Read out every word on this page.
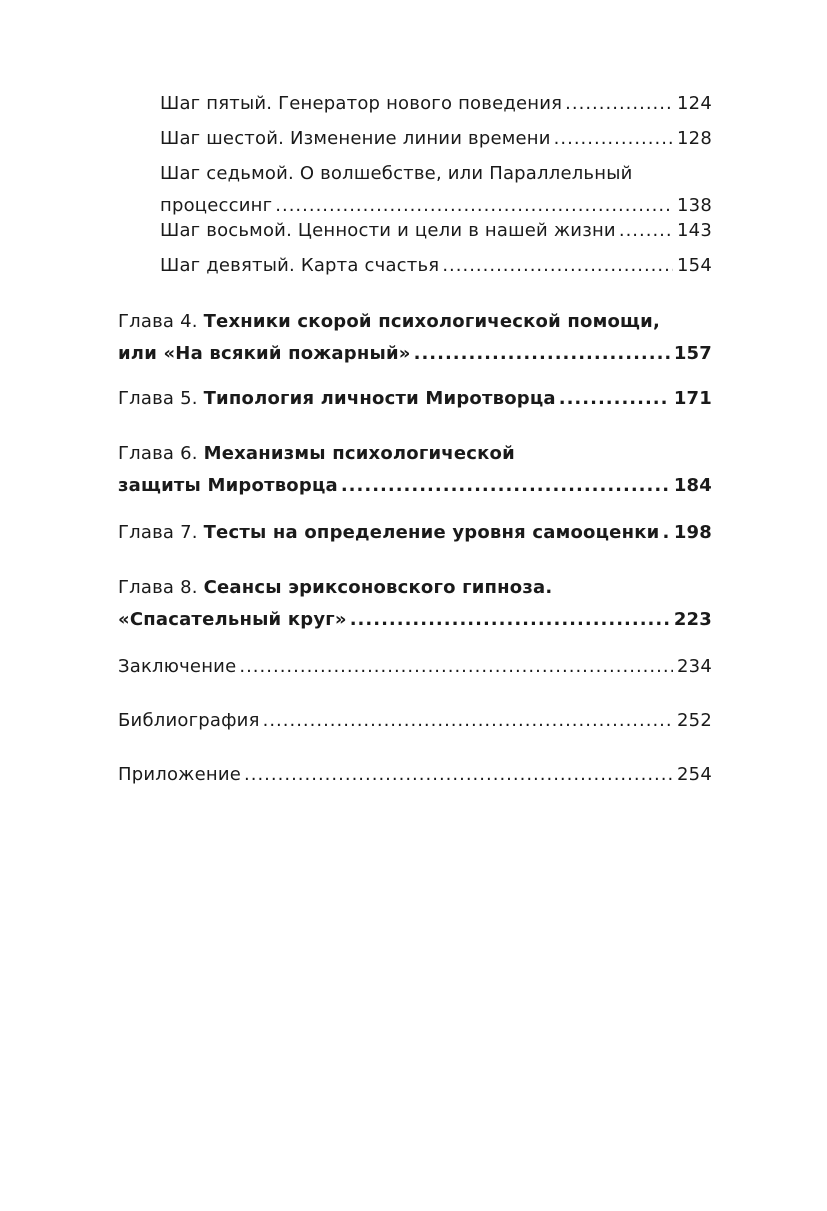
Шаг пятый. Генератор нового поведения .....	124
Шаг шестой. Изменение линии времени .....	128
Шаг седьмой. О волшебстве, или Параллельный
процессинг .....	138
Шаг восьмой. Ценности и цели в нашей жизни .....	143
Шаг девятый. Карта счастья .....	154
Глава 4.
Техники скорой психологической помощи,
или «На всякий пожарный» .....	157
Глава 5.
Типология личности Миротворца .....	171
Глава 6.
Механизмы психологической
защиты Миротворца .....	184
Глава 7.
Тесты на определение уровня самооценки ..... 198
Глава 8.
Сеансы эриксоновского гипноза.
«Спасательный круг» .....	223
Заключение .....	234
Библиография .....	252
Приложение .....	254
